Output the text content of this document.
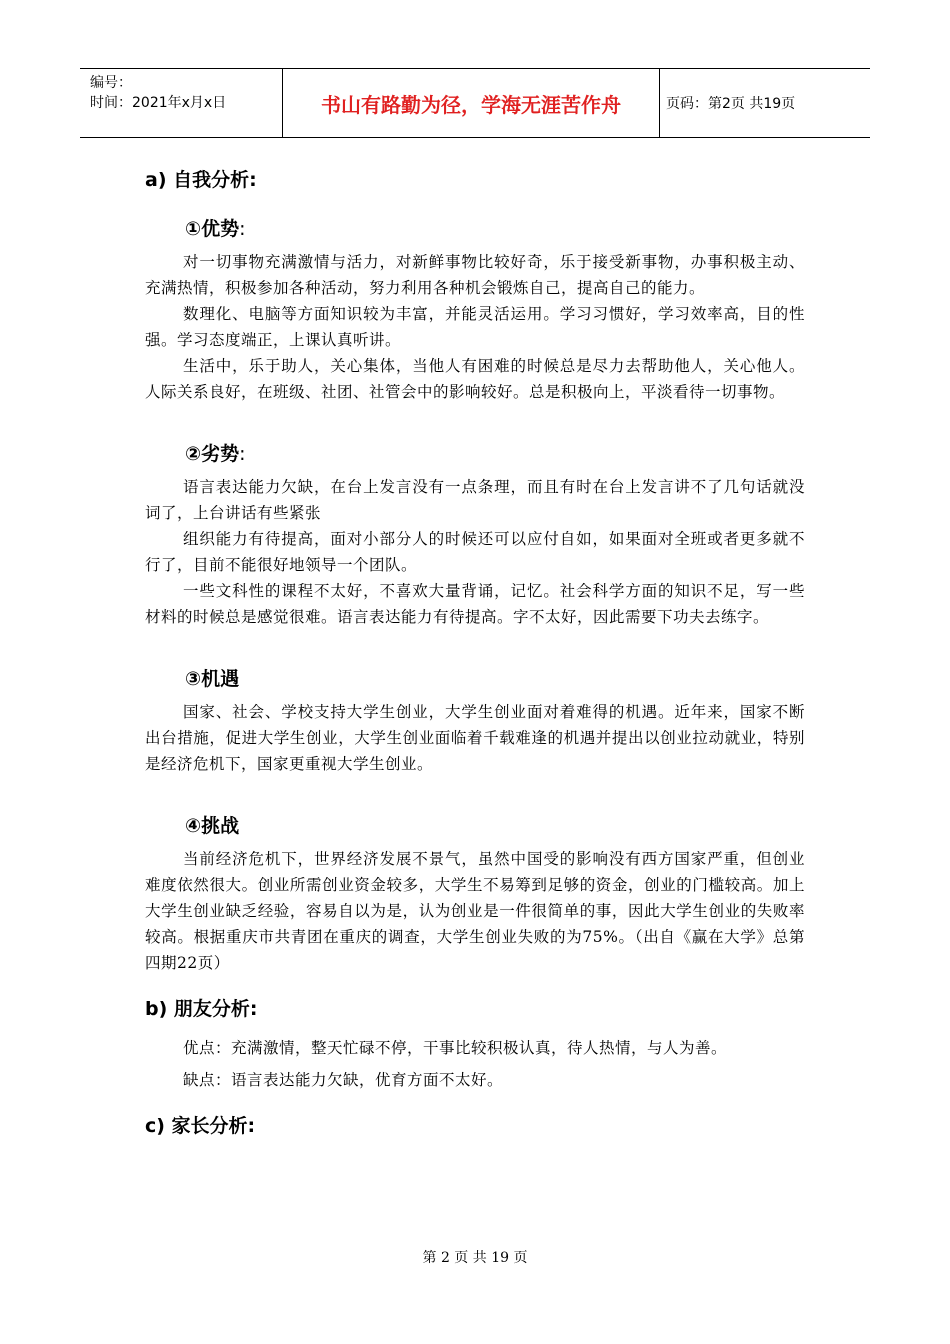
编号：
时间：2021年x月x日	书山有路勤为径，学海无涯苦作舟	页码：第2页 共19页
a) 自我分析:
①优势:

对一切事物充满激情与活力，对新鲜事物比较好奇，乐于接受新事物，办事积极主动、充满热情，积极参加各种活动，努力利用各种机会锻炼自己，提高自己的能力。

数理化、电脑等方面知识较为丰富，并能灵活运用。学习习惯好，学习效率高，目的性强。学习态度端正，上课认真听讲。

生活中，乐于助人，关心集体，当他人有困难的时候总是尽力去帮助他人，关心他人。人际关系良好，在班级、社团、社管会中的影响较好。总是积极向上，平淡看待一切事物。

②劣势:

语言表达能力欠缺，在台上发言没有一点条理，而且有时在台上发言讲不了几句话就没词了，上台讲话有些紧张

组织能力有待提高，面对小部分人的时候还可以应付自如，如果面对全班或者更多就不行了，目前不能很好地领导一个团队。

一些文科性的课程不太好，不喜欢大量背诵，记忆。社会科学方面的知识不足，写一些材料的时候总是感觉很难。语言表达能力有待提高。字不太好，因此需要下功夫去练字。

③机遇

国家、社会、学校支持大学生创业，大学生创业面对着难得的机遇。近年来，国家不断出台措施，促进大学生创业，大学生创业面临着千载难逢的机遇并提出以创业拉动就业，特别是经济危机下，国家更重视大学生创业。

④挑战

当前经济危机下，世界经济发展不景气，虽然中国受的影响没有西方国家严重，但创业难度依然很大。创业所需创业资金较多，大学生不易筹到足够的资金，创业的门槛较高。加上大学生创业缺乏经验，容易自以为是，认为创业是一件很简单的事，因此大学生创业的失败率较高。根据重庆市共青团在重庆的调查，大学生创业失败的为75%。（出自《赢在大学》总第四期22页）

b) 朋友分析:

优点：充满激情，整天忙碌不停，干事比较积极认真，待人热情，与人为善。

缺点：语言表达能力欠缺，优育方面不太好。

c) 家长分析:
第 2 页 共 19 页
